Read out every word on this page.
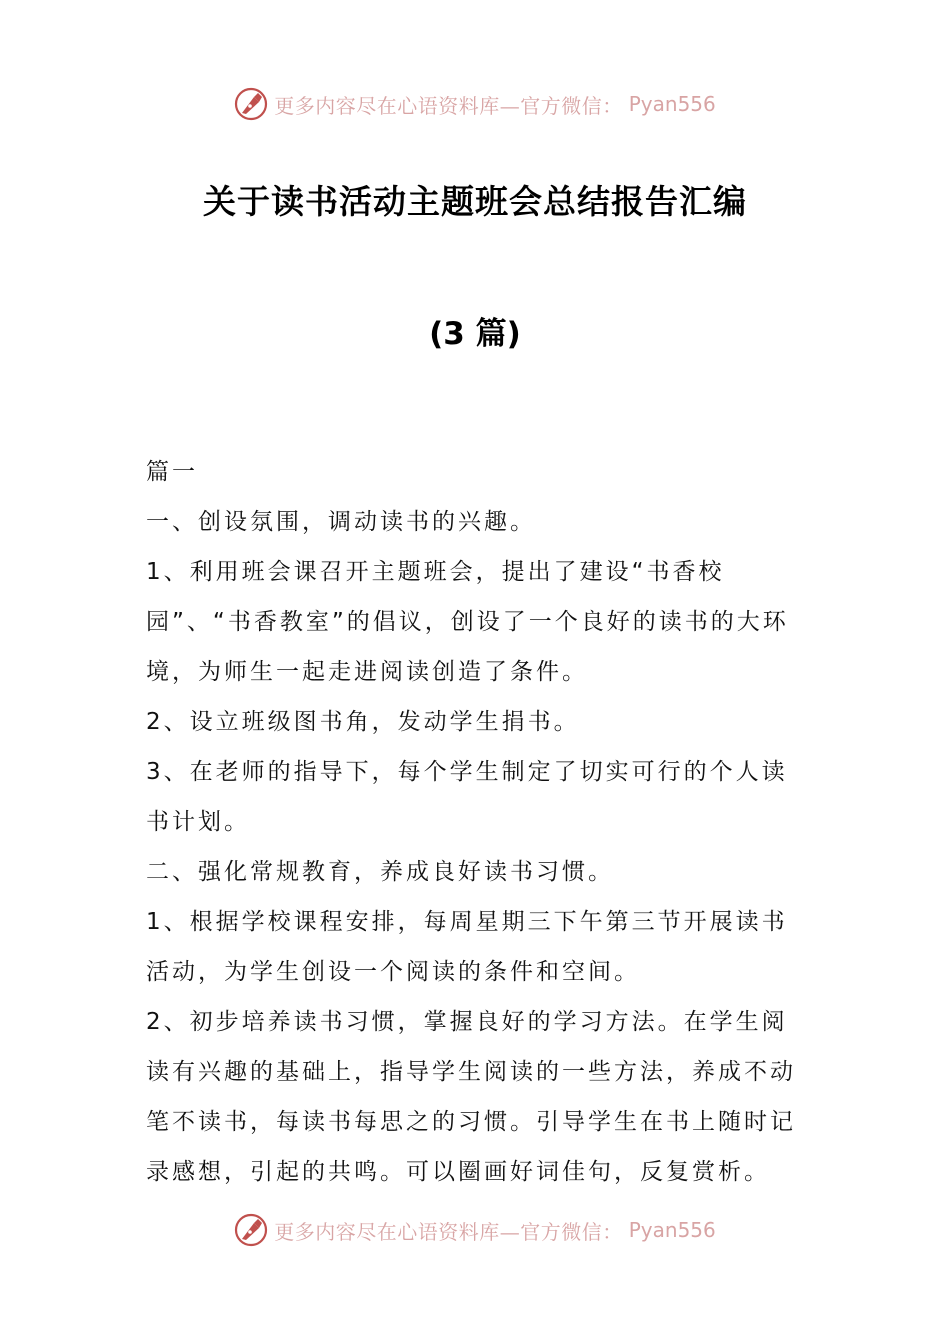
更多内容尽在心语资料库—官方微信： Pyan556
关于读书活动主题班会总结报告汇编
(3 篇)

篇一

一、创设氛围，调动读书的兴趣。

1、利用班会课召开主题班会，提出了建设“书香校园”、“书香教室”的倡议，创设了一个良好的读书的大环境，为师生一起走进阅读创造了条件。

2、设立班级图书角，发动学生捐书。

3、在老师的指导下，每个学生制定了切实可行的个人读书计划。

二、强化常规教育，养成良好读书习惯。

1、根据学校课程安排，每周星期三下午第三节开展读书活动，为学生创设一个阅读的条件和空间。

2、初步培养读书习惯，掌握良好的学习方法。在学生阅读有兴趣的基础上，指导学生阅读的一些方法，养成不动笔不读书，每读书每思之的习惯。引导学生在书上随时记录感想，引起的共鸣。可以圈画好词佳句，反复赏析。

更多内容尽在心语资料库—官方微信： Pyan556
